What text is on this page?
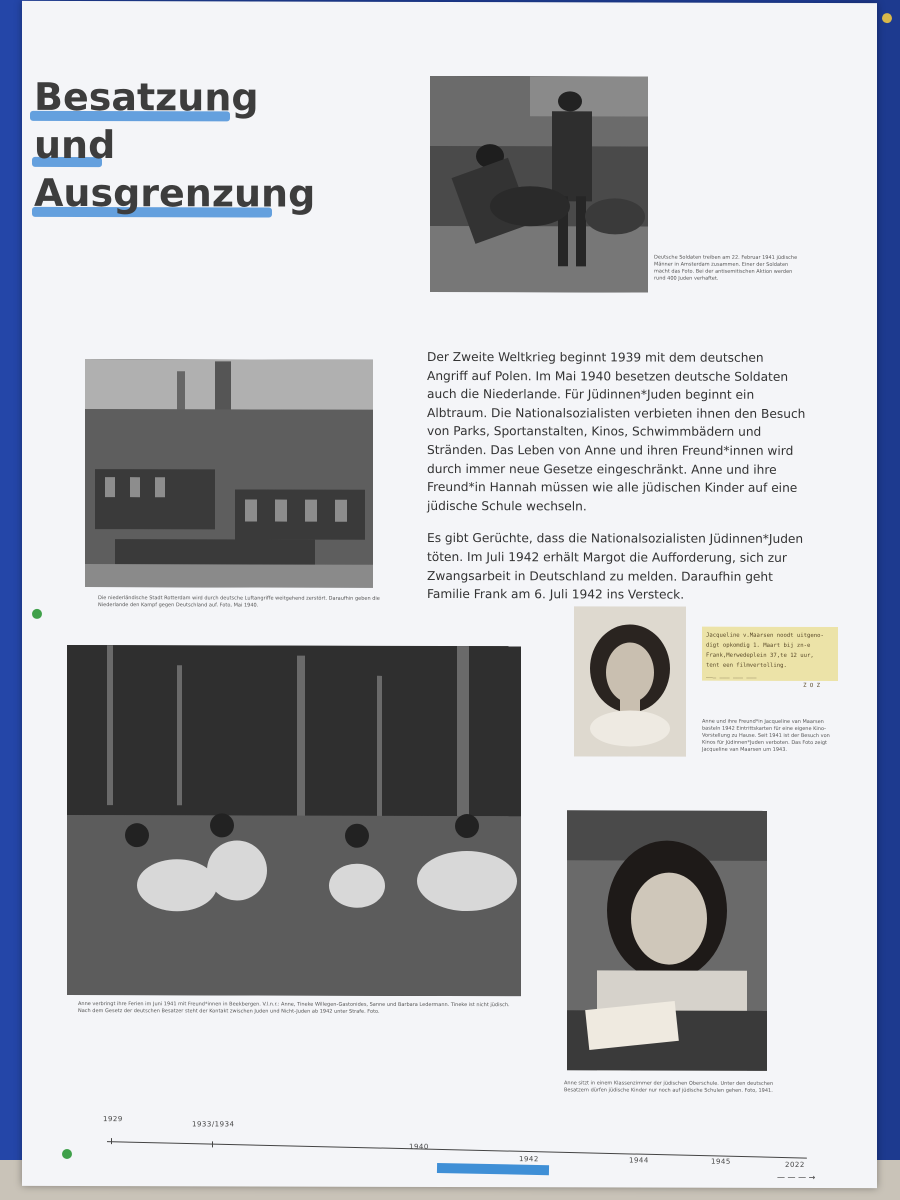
Besatzung
und
Ausgrenzung
Deutsche Soldaten treiben am 22. Februar 1941 jüdische Männer in Amsterdam zusammen. Einer der Soldaten macht das Foto. Bei der antisemitischen Aktion werden rund 400 Juden verhaftet.
Die niederländische Stadt Rotterdam wird durch deutsche Luftangriffe weitgehend zerstört. Daraufhin geben die Niederlande den Kampf gegen Deutschland auf. Foto, Mai 1940.

Der Zweite Weltkrieg beginnt 1939 mit dem deutschen Angriff auf Polen. Im Mai 1940 besetzen deutsche Soldaten auch die Niederlande. Für Jüdinnen*Juden beginnt ein Albtraum. Die Nationalsozialisten verbieten ihnen den Besuch von Parks, Sportanstalten, Kinos, Schwimmbädern und Stränden. Das Leben von Anne und ihren Freund*innen wird durch immer neue Gesetze eingeschränkt. Anne und ihre Freund*in Hannah müssen wie alle jüdischen Kinder auf eine jüdische Schule wechseln.

Es gibt Gerüchte, dass die Nationalsozialisten Jüdinnen*Juden töten. Im Juli 1942 erhält Margot die Aufforderung, sich zur Zwangsarbeit in Deutschland zu melden. Daraufhin geht Familie Frank am 6. Juli 1942 ins Versteck.

Jacqueline v.Maarsen noodt uitgeno-
digt opkomdig 1. Maart bij zn-e
Frank,Merwedeplein 37,te 12 uur,
tent een filmvertolling.
___ ___ ___ ___
Z O Z
Anne und ihre Freund*in Jacqueline van Maarsen basteln 1942 Eintrittskarten für eine eigene Kino-Vorstellung zu Hause. Seit 1941 ist der Besuch von Kinos für Jüdinnen*Juden verboten. Das Foto zeigt Jacqueline van Maarsen um 1943.
Anne verbringt ihre Ferien im Juni 1941 mit Freund*innen in Beekbergen. V.l.n.r.: Anne, Tineke Willegen-Gastonides, Sanne und Barbara Ledermann. Tineke ist nicht jüdisch. Nach dem Gesetz der deutschen Besatzer steht der Kontakt zwischen Juden und Nicht-Juden ab 1942 unter Strafe. Foto.
Anne sitzt in einem Klassenzimmer der jüdischen Oberschule. Unter den deutschen Besatzern dürfen jüdische Kinder nur noch auf jüdische Schulen gehen. Foto, 1941.
1929
1933/1934
1940
1942	1944	1945	2022
— — — →
